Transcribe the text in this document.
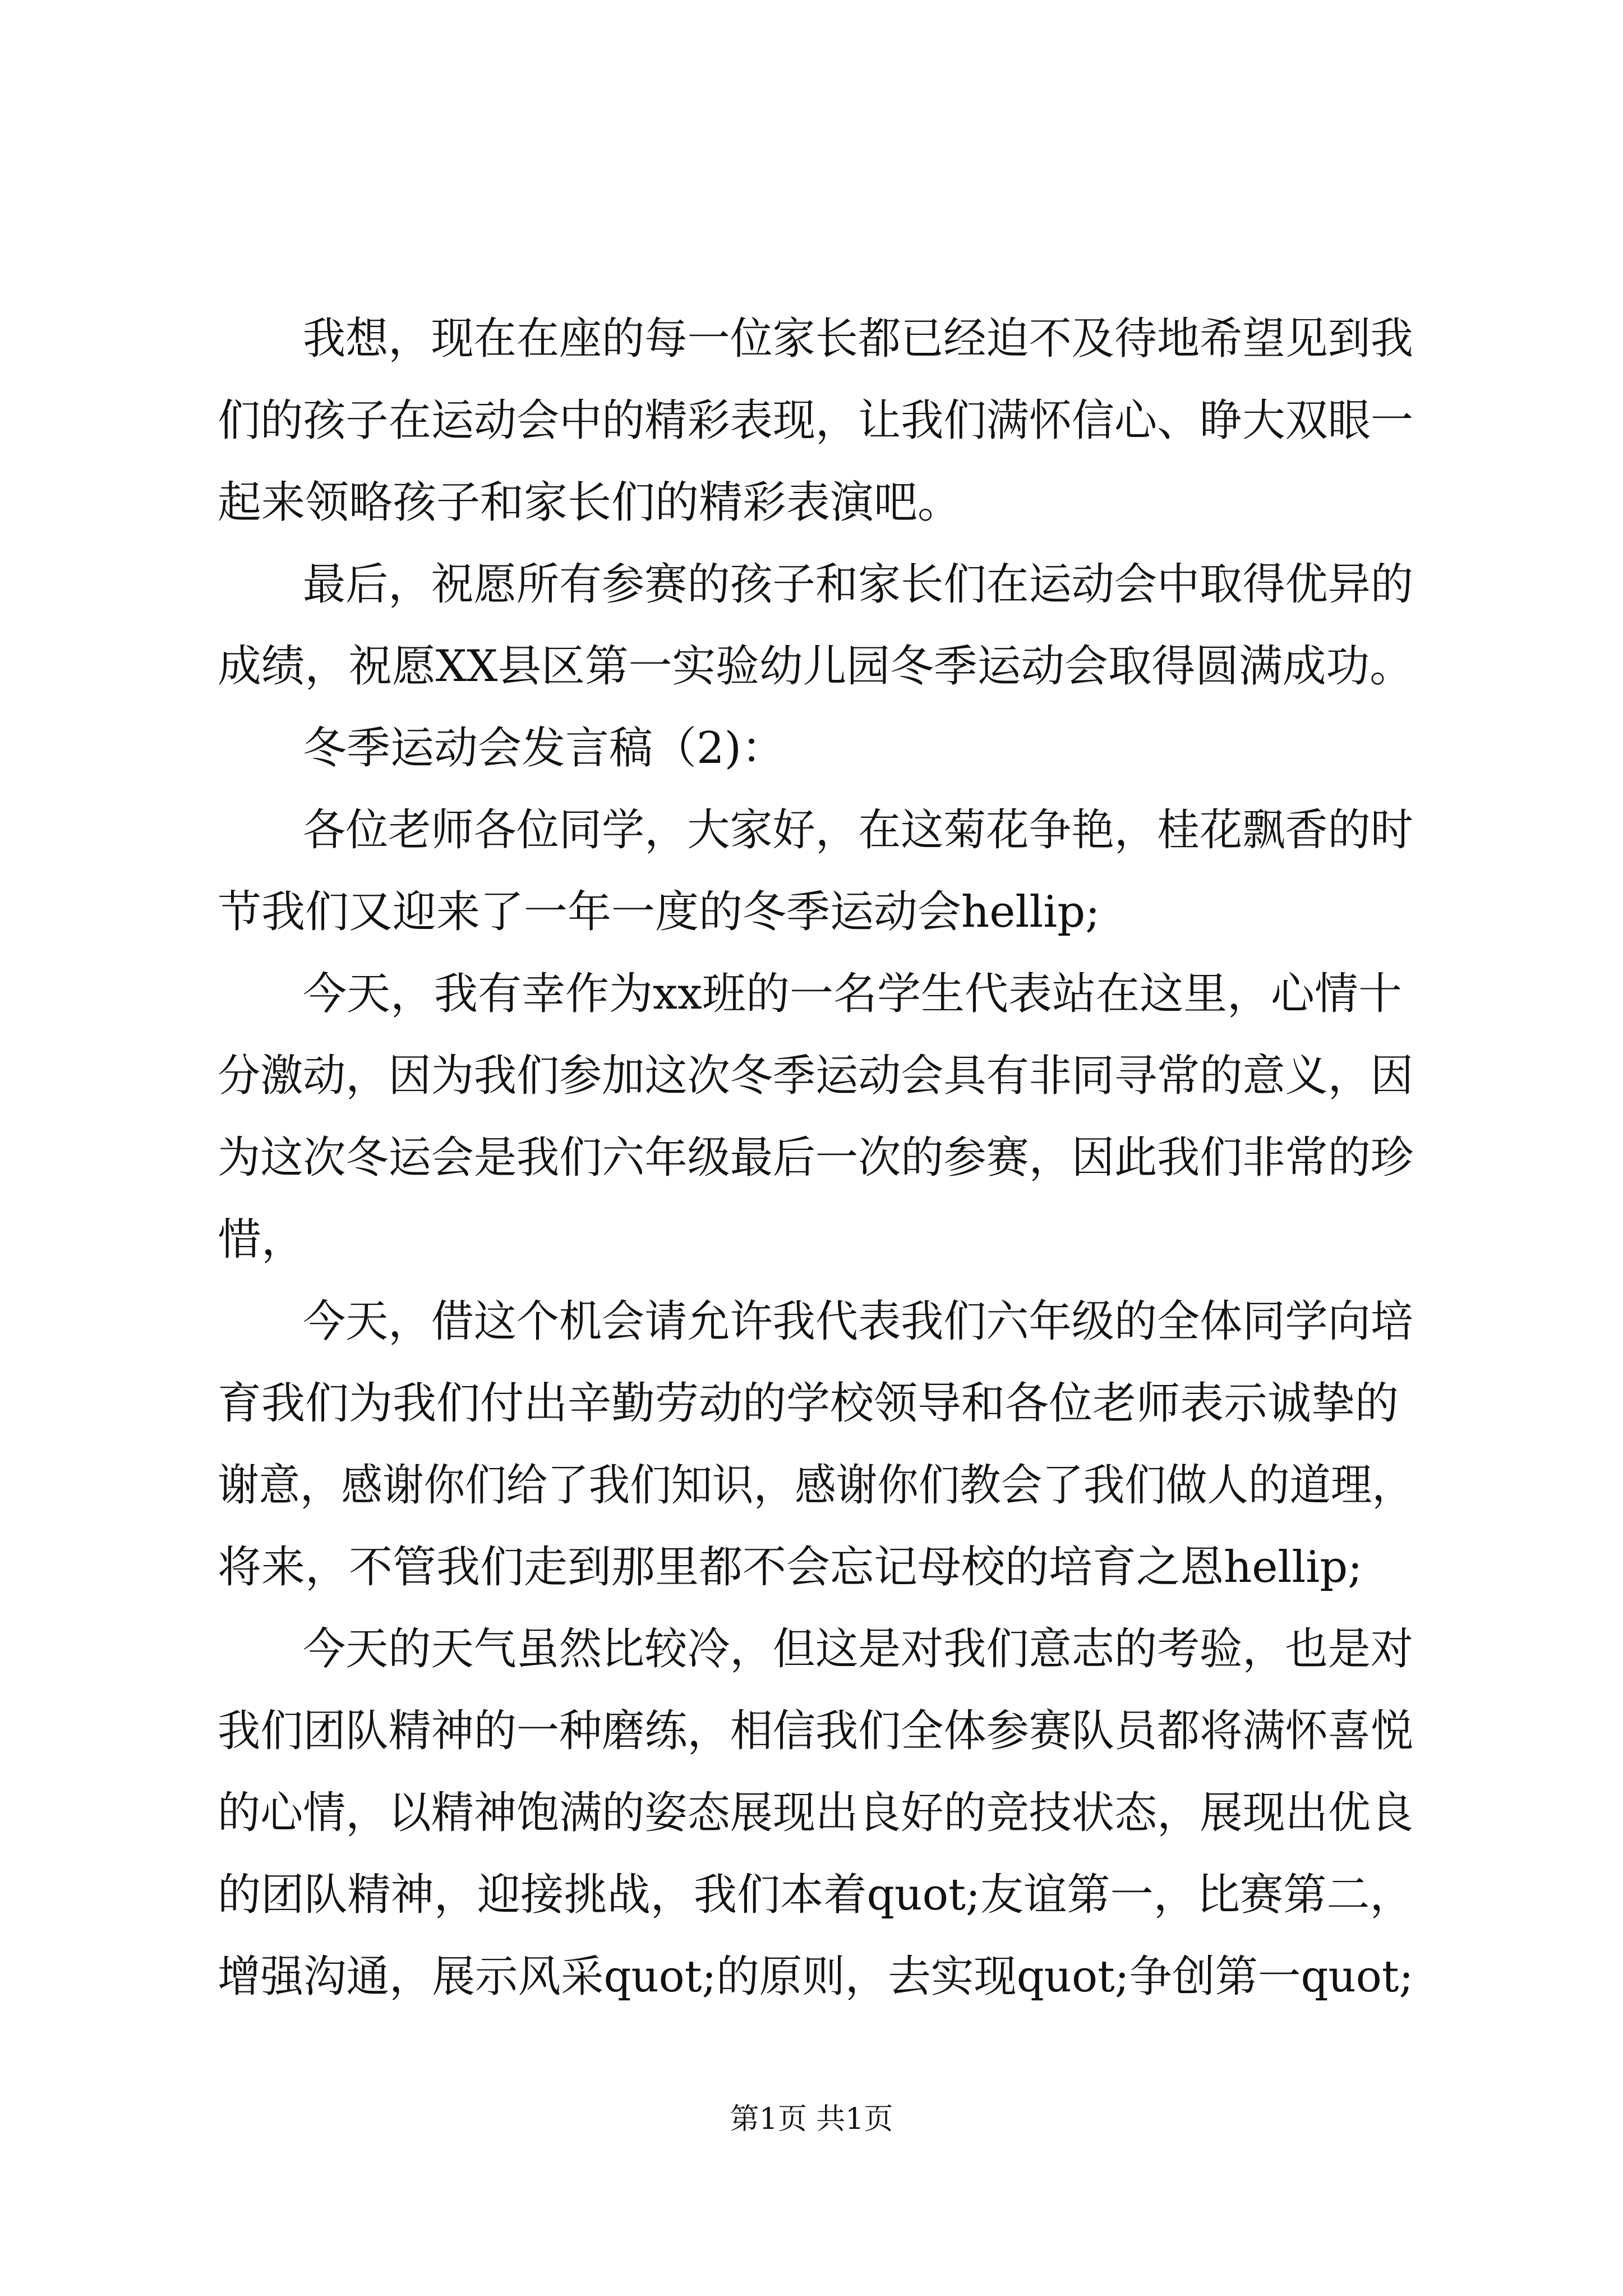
我想，现在在座的每一位家长都已经迫不及待地希望见到我
们的孩子在运动会中的精彩表现，让我们满怀信心、睁大双眼一
起来领略孩子和家长们的精彩表演吧。
最后，祝愿所有参赛的孩子和家长们在运动会中取得优异的
成绩，祝愿XX县区第一实验幼儿园冬季运动会取得圆满成功。
冬季运动会发言稿（2)：
各位老师各位同学，大家好，在这菊花争艳，桂花飘香的时
节我们又迎来了一年一度的冬季运动会hellip;
今天，我有幸作为xx班的一名学生代表站在这里，心情十
分激动，因为我们参加这次冬季运动会具有非同寻常的意义，因
为这次冬运会是我们六年级最后一次的参赛，因此我们非常的珍
惜，
今天，借这个机会请允许我代表我们六年级的全体同学向培
育我们为我们付出辛勤劳动的学校领导和各位老师表示诚挚的
谢意，感谢你们给了我们知识，感谢你们教会了我们做人的道理，
将来，不管我们走到那里都不会忘记母校的培育之恩hellip;
今天的天气虽然比较冷，但这是对我们意志的考验，也是对
我们团队精神的一种磨练，相信我们全体参赛队员都将满怀喜悦
的心情，以精神饱满的姿态展现出良好的竞技状态，展现出优良
的团队精神，迎接挑战，我们本着quot;友谊第一，比赛第二，
增强沟通，展示风采quot;的原则，去实现quot;争创第一quot;
第1页 共1页
